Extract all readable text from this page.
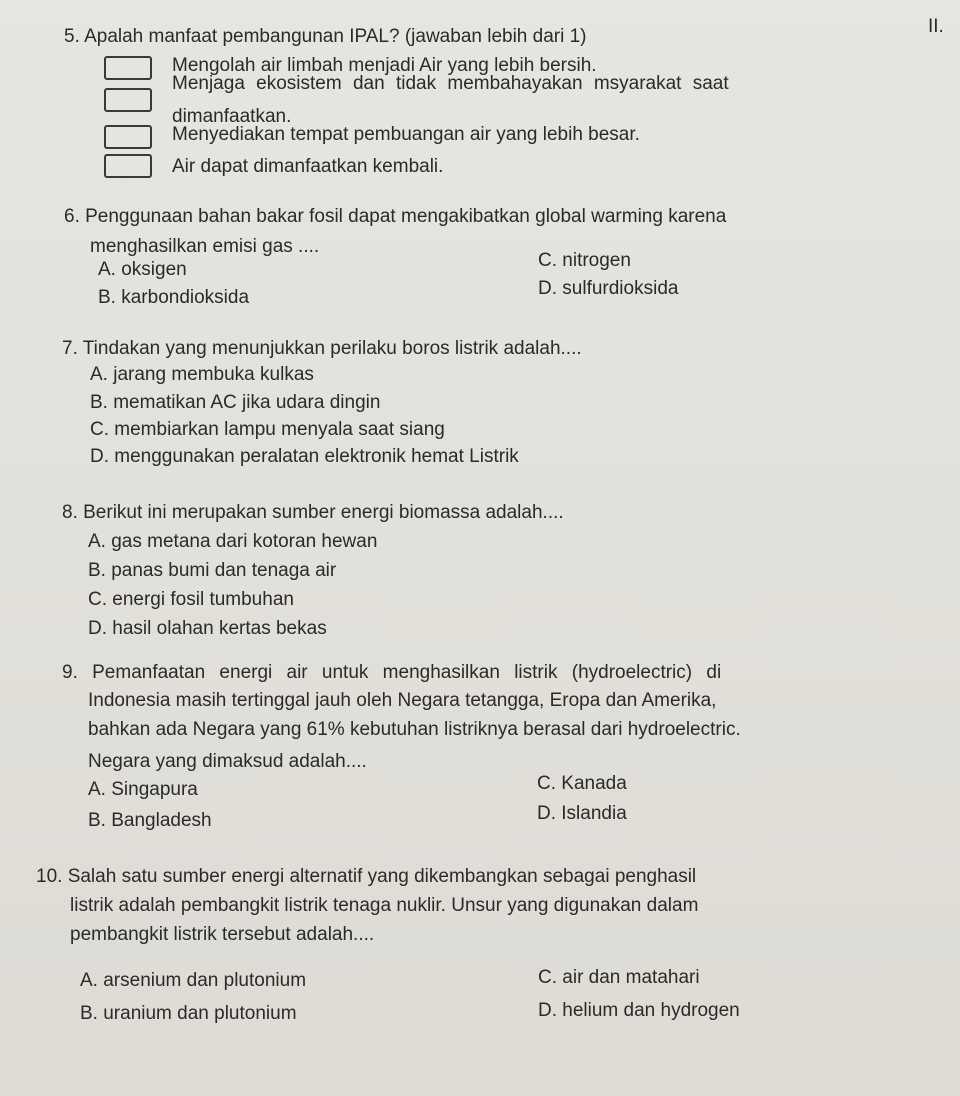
II.
5. Apalah manfaat pembangunan IPAL? (jawaban lebih dari 1)
Mengolah air limbah menjadi Air yang lebih bersih.
Menjaga ekosistem dan tidak membahayakan msyarakat saat
dimanfaatkan.
Menyediakan tempat pembuangan air yang lebih besar.
Air dapat dimanfaatkan kembali.
6. Penggunaan bahan bakar fosil dapat mengakibatkan global warming karena
menghasilkan emisi gas ....
A. oksigen
B. karbondioksida
C. nitrogen
D. sulfurdioksida
7. Tindakan yang menunjukkan perilaku boros listrik adalah....
A. jarang membuka kulkas
B. mematikan AC jika udara dingin
C. membiarkan lampu menyala saat siang
D. menggunakan peralatan elektronik hemat Listrik
8. Berikut ini merupakan sumber energi biomassa adalah....
A. gas metana dari kotoran hewan
B. panas bumi dan tenaga air
C. energi fosil tumbuhan
D. hasil olahan kertas bekas
9. Pemanfaatan energi air untuk menghasilkan listrik (hydroelectric) di
Indonesia masih tertinggal jauh oleh Negara tetangga, Eropa dan Amerika,
bahkan ada Negara yang 61% kebutuhan listriknya berasal dari hydroelectric.
Negara yang dimaksud adalah....
A. Singapura
B. Bangladesh
C. Kanada
D. Islandia
10. Salah satu sumber energi alternatif yang dikembangkan sebagai penghasil
listrik adalah pembangkit listrik tenaga nuklir. Unsur yang digunakan dalam
pembangkit listrik tersebut adalah....
A. arsenium dan plutonium
B. uranium dan plutonium
C. air dan matahari
D. helium dan hydrogen
